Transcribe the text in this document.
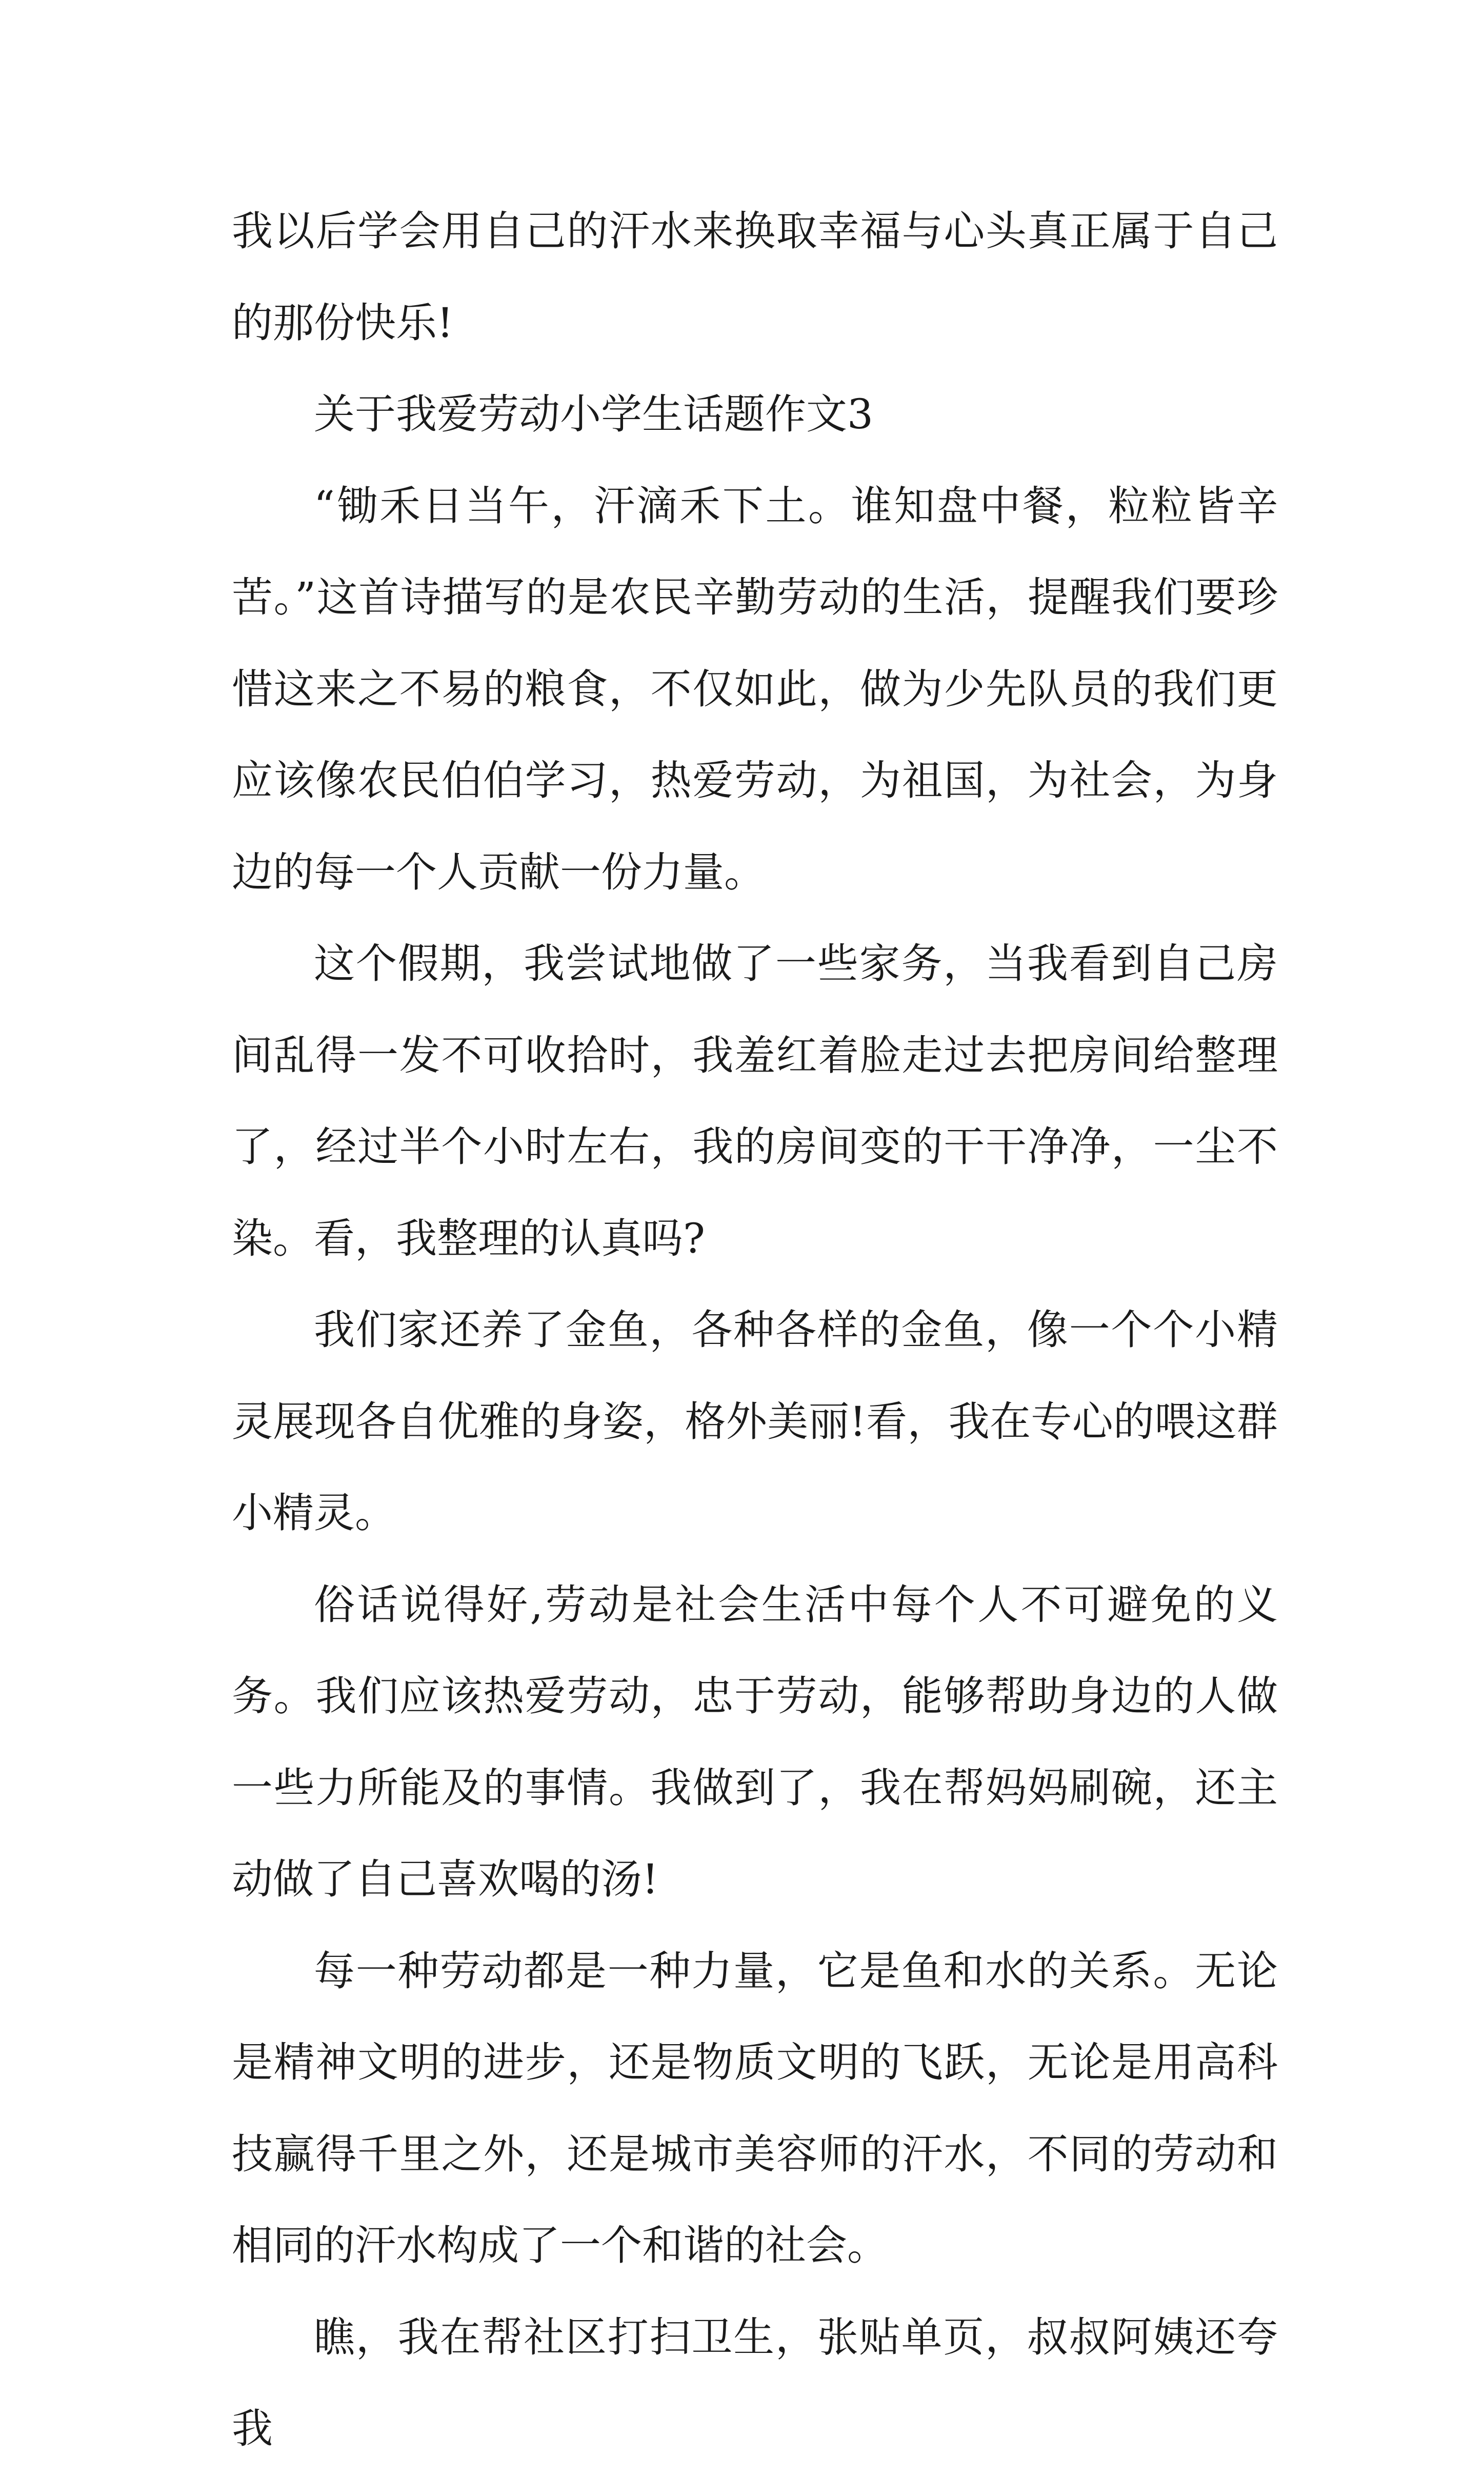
我以后学会用自己的汗水来换取幸福与心头真正属于自己的那份快乐!

关于我爱劳动小学生话题作文3

“锄禾日当午，汗滴禾下土。谁知盘中餐，粒粒皆辛苦。”这首诗描写的是农民辛勤劳动的生活，提醒我们要珍惜这来之不易的粮食，不仅如此，做为少先队员的我们更应该像农民伯伯学习，热爱劳动，为祖国，为社会，为身边的每一个人贡献一份力量。

这个假期，我尝试地做了一些家务，当我看到自己房间乱得一发不可收拾时，我羞红着脸走过去把房间给整理了，经过半个小时左右，我的房间变的干干净净，一尘不染。看，我整理的认真吗?

我们家还养了金鱼，各种各样的金鱼，像一个个小精灵展现各自优雅的身姿，格外美丽!看，我在专心的喂这群小精灵。

俗话说得好,劳动是社会生活中每个人不可避免的义务。我们应该热爱劳动，忠于劳动，能够帮助身边的人做一些力所能及的事情。我做到了，我在帮妈妈刷碗，还主动做了自己喜欢喝的汤!

每一种劳动都是一种力量，它是鱼和水的关系。无论是精神文明的进步，还是物质文明的飞跃，无论是用高科技赢得千里之外，还是城市美容师的汗水，不同的劳动和相同的汗水构成了一个和谐的社会。

瞧，我在帮社区打扫卫生，张贴单页，叔叔阿姨还夸我
